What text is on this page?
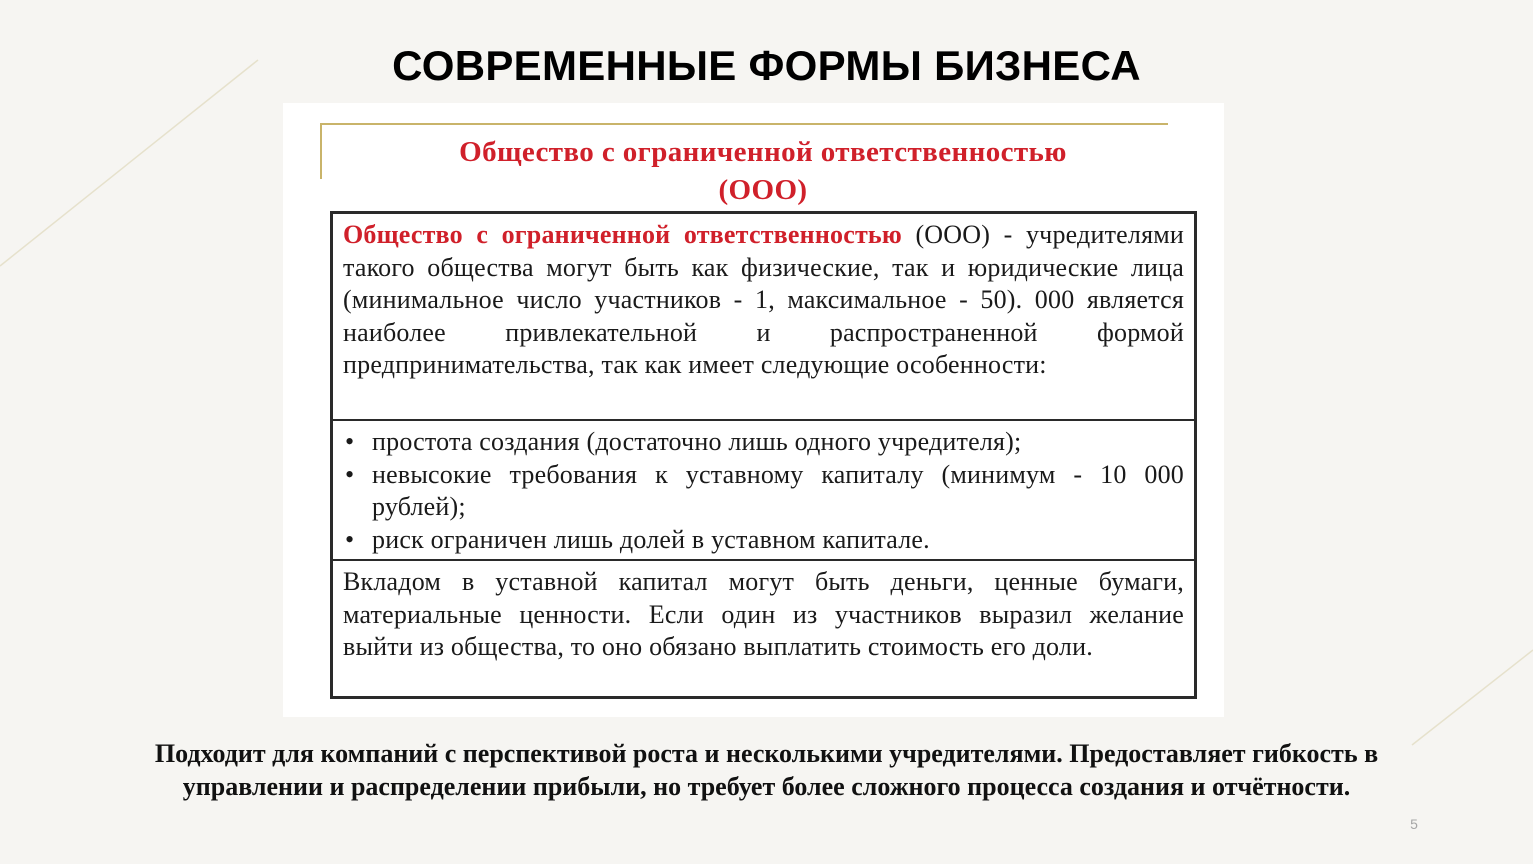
СОВРЕМЕННЫЕ ФОРМЫ БИЗНЕСА
Общество с ограниченной ответственностью
(ООО)

Общество с ограниченной ответственностью (ООО) - учредителями такого общества могут быть как физические, так и юридические лица (минимальное число участников - 1, максимальное - 50). 000 является наиболее привлекательной и распространенной формой предпринимательства, так как имеет следующие особенности:

• простота создания (достаточно лишь одного учредителя);
• невысокие требования к уставному капиталу (минимум - 10 000 рублей);
• риск ограничен лишь долей в уставном капитале.

Вкладом в уставной капитал могут быть деньги, ценные бумаги, материальные ценности. Если один из участников выразил желание выйти из общества, то оно обязано выплатить стоимость его доли.

Подходит для компаний с перспективой роста и несколькими учредителями. Предоставляет гибкость в
управлении и распределении прибыли, но требует более сложного процесса создания и отчётности.
5
